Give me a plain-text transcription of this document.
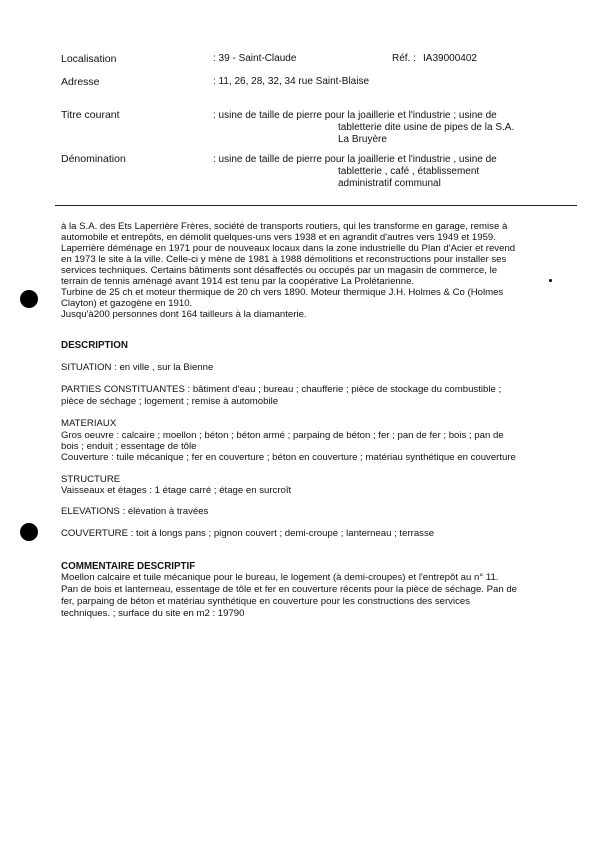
Localisation	: 39 - Saint-Claude	Réf. : IA39000402
Adresse	: 11, 26, 28, 32, 34 rue Saint-Blaise
Titre courant	: usine de taille de pierre pour la joaillerie et l'industrie ; usine de
tabletterie dite usine de pipes de la S.A.
La Bruyère
Dénomination	: usine de taille de pierre pour la joaillerie et l'industrie , usine de
tabletterie , café , établissement
administratif communal
à la S.A. des Ets Laperrière Frères, société de transports routiers, qui les transforme en garage, remise à
automobile et entrepôts, en démolit quelques-uns vers 1938 et en agrandit d'autres vers 1949 et 1959.
Laperrière déménage en 1971 pour de nouveaux locaux dans la zone industrielle du Plan d'Acier et revend
en 1973 le site à la ville. Celle-ci y mène de 1981 à 1988 démolitions et reconstructions pour installer ses
services techniques. Certains bâtiments sont désaffectés ou occupés par un magasin de commerce, le
terrain de tennis aménagé avant 1914 est tenu par la coopérative La Prolétarienne.
Turbine de 25 ch et moteur thermique de 20 ch vers 1890. Moteur thermique J.H. Holmes & Co (Holmes
Clayton) et gazogène en 1910.
Jusqu'à200 personnes dont 164 tailleurs à la diamanterie.
DESCRIPTION
SITUATION : en ville , sur la Bienne
PARTIES CONSTITUANTES : bâtiment d'eau ; bureau ; chaufferie ; pièce de stockage du combustible ;
pièce de séchage ; logement ; remise à automobile
MATERIAUX
Gros oeuvre : calcaire ; moellon ; béton ; béton armé ; parpaing de béton ; fer ; pan de fer ; bois ; pan de
bois ; enduit ; essentage de tôle
Couverture : tuile mécanique ; fer en couverture ; béton en couverture ; matériau synthétique en couverture
STRUCTURE
Vaisseaux et étages : 1 étage carré ; étage en surcroît
ELEVATIONS : élévation à travées
COUVERTURE : toit à longs pans ; pignon couvert ; demi-croupe ; lanterneau ; terrasse
COMMENTAIRE DESCRIPTIF
Moellon calcaire et tuile mécanique pour le bureau, le logement (à demi-croupes) et l'entrepôt au n° 11.
Pan de bois et lanterneau, essentage de tôle et fer en couverture récents pour la pièce de séchage. Pan de
fer, parpaing de béton et matériau synthétique en couverture pour les constructions des services
techniques. ; surface du site en m2 : 19790
